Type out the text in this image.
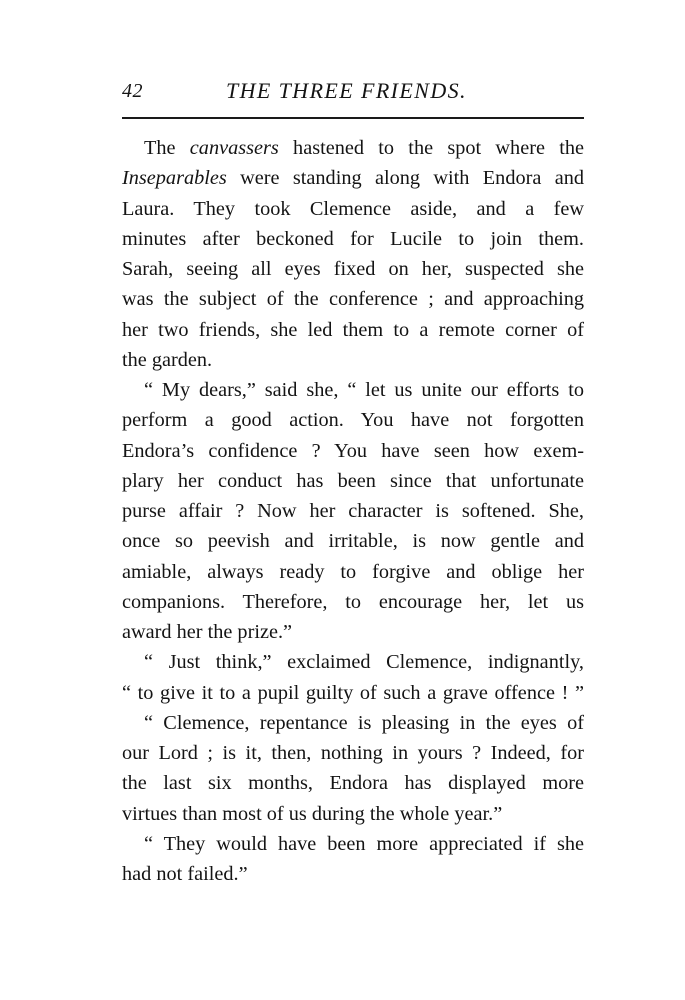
42	THE THREE FRIENDS.
The canvassers hastened to the spot where the
Inseparables were standing along with Endora and
Laura. They took Clemence aside, and a few
minutes after beckoned for Lucile to join them.
Sarah, seeing all eyes fixed on her, suspected she
was the subject of the conference ; and approaching
her two friends, she led them to a remote corner of
the garden.
“ My dears,” said she, “ let us unite our efforts to
perform a good action. You have not forgotten
Endora’s confidence ? You have seen how exem-
plary her conduct has been since that unfortunate
purse affair ? Now her character is softened. She,
once so peevish and irritable, is now gentle and
amiable, always ready to forgive and oblige her
companions. Therefore, to encourage her, let us
award her the prize.”
“ Just think,” exclaimed Clemence, indignantly,
“ to give it to a pupil guilty of such a grave offence ! ”
“ Clemence, repentance is pleasing in the eyes of
our Lord ; is it, then, nothing in yours ? Indeed, for
the last six months, Endora has displayed more
virtues than most of us during the whole year.”
“ They would have been more appreciated if she
had not failed.”
